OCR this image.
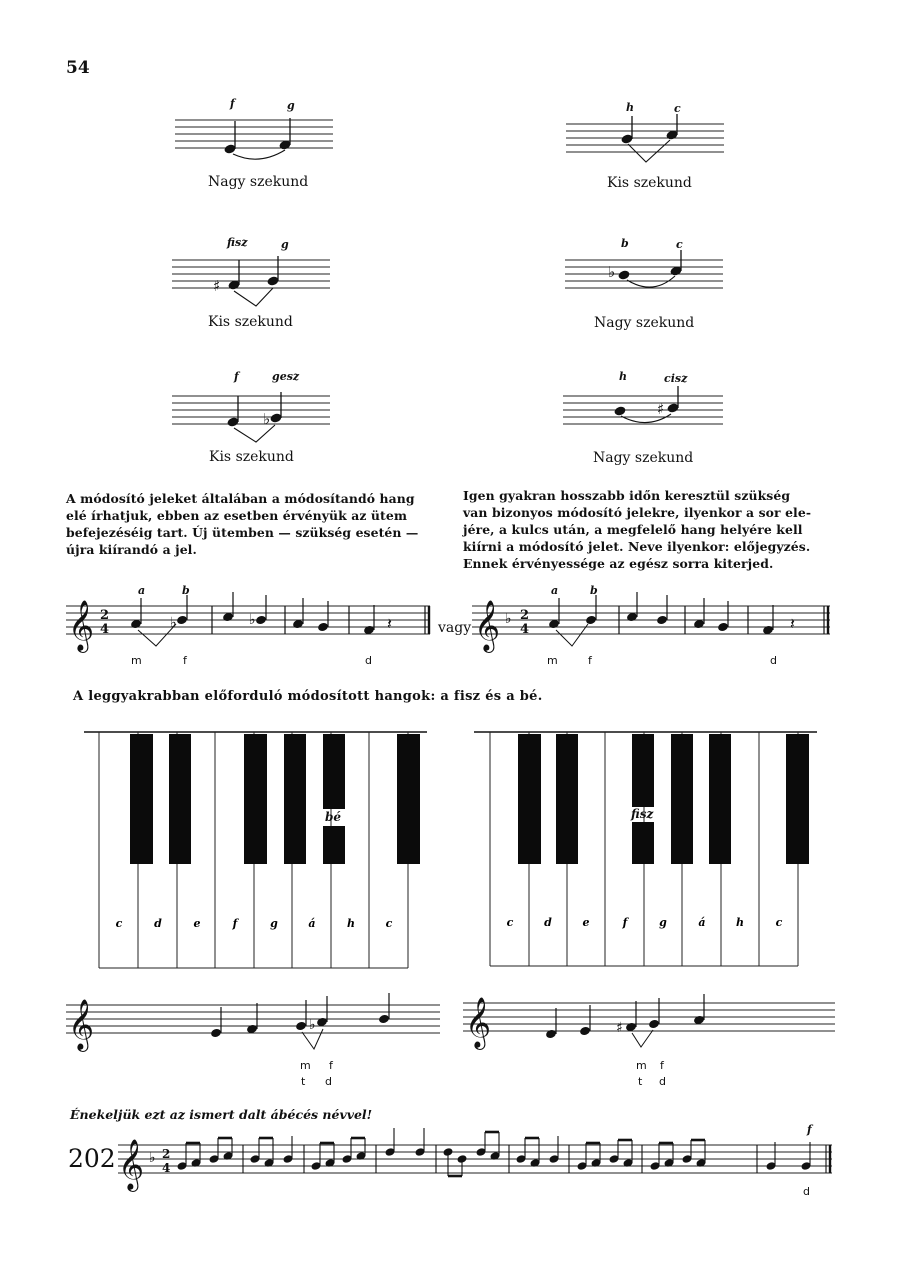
54
f	g
Nagy szekund
h	c
Kis szekund
fisz	g
♯
Kis szekund
b	c
♭
Nagy szekund
f	gesz
♭
Kis szekund
h	cisz
♯
Nagy szekund

A módosító jeleket általában a módosítandó hang

elé írhatjuk, ebben az esetben érvényük az ütem

befejezéséig tart. Új ütemben — szükség esetén —

újra kiírandó a jel.

Igen gyakran hosszabb időn keresztül szükség

van bizonyos módosító jelekre, ilyenkor a sor ele-

jére, a kulcs után, a megfelelő hang helyére kell

kiírni a módosító jelet. Neve ilyenkor: előjegyzés.

Ennek érvényessége az egész sorra kiterjed.

a	b
𝄞 2
4	♭	♭	𝄽
m	f	d
vagy
a	b
𝄞 ♭ 2
4	𝄽
m	f	d
A leggyakrabban előforduló módosított hangok: a fisz és a bé.
bé
c	d	e	f	g	á	h	c
fisz
c	d	e	f	g	á	h	c
𝄞	♭
m f
t d
𝄞	♯
m f
t d
Énekeljük ezt az ismert dalt ábécés névvel!
202
f
𝄞 ♭ 2
4
d
